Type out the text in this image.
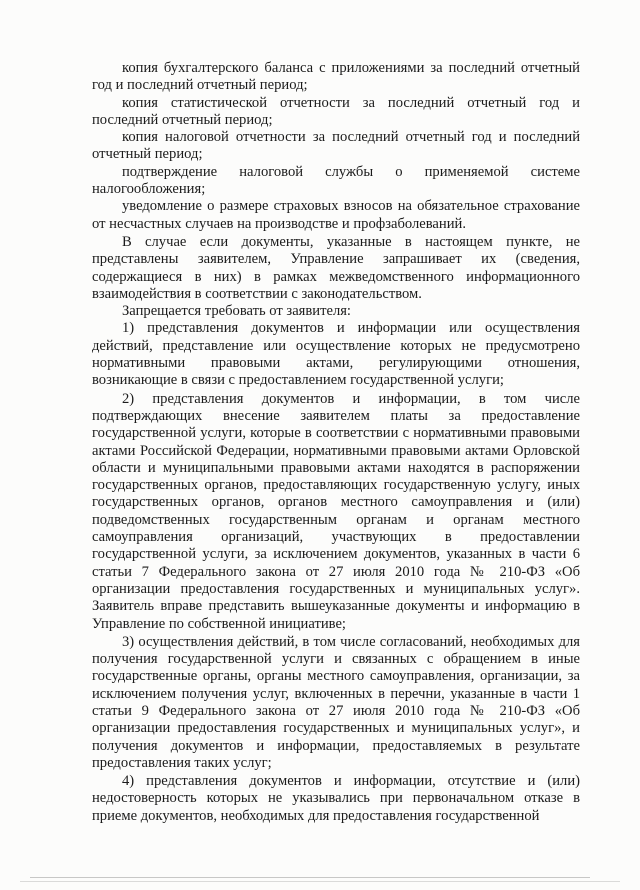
копия бухгалтерского баланса с приложениями за последний отчетный год и последний отчетный период;

копия статистической отчетности за последний отчетный год и последний отчетный период;

копия налоговой отчетности за последний отчетный год и последний отчетный период;

подтверждение налоговой службы о применяемой системе налогообложения;

уведомление о размере страховых взносов на обязательное страхование от несчастных случаев на производстве и профзаболеваний.

В случае если документы, указанные в настоящем пункте, не представлены заявителем, Управление запрашивает их (сведения, содержащиеся в них) в рамках межведомственного информационного взаимодействия в соответствии с законодательством.

Запрещается требовать от заявителя:

1) представления документов и информации или осуществления действий, представление или осуществление которых не предусмотрено нормативными правовыми актами, регулирующими отношения, возникающие в связи с предоставлением государственной услуги;

2) представления документов и информации, в том числе подтверждающих внесение заявителем платы за предоставление государственной услуги, которые в соответствии с нормативными правовыми актами Российской Федерации, нормативными правовыми актами Орловской области и муниципальными правовыми актами находятся в распоряжении государственных органов, предоставляющих государственную услугу, иных государственных органов, органов местного самоуправления и (или) подведомственных государственным органам и органам местного самоуправления организаций, участвующих в предоставлении государственной услуги, за исключением документов, указанных в части 6 статьи 7 Федерального закона от 27 июля 2010 года № 210-ФЗ «Об организации предоставления государственных и муниципальных услуг». Заявитель вправе представить вышеуказанные документы и информацию в Управление по собственной инициативе;

3) осуществления действий, в том числе согласований, необходимых для получения государственной услуги и связанных с обращением в иные государственные органы, органы местного самоуправления, организации, за исключением получения услуг, включенных в перечни, указанные в части 1 статьи 9 Федерального закона от 27 июля 2010 года № 210-ФЗ «Об организации предоставления государственных и муниципальных услуг», и получения документов и информации, предоставляемых в результате предоставления таких услуг;

4) представления документов и информации, отсутствие и (или) недостоверность которых не указывались при первоначальном отказе в приеме документов, необходимых для предоставления государственной
